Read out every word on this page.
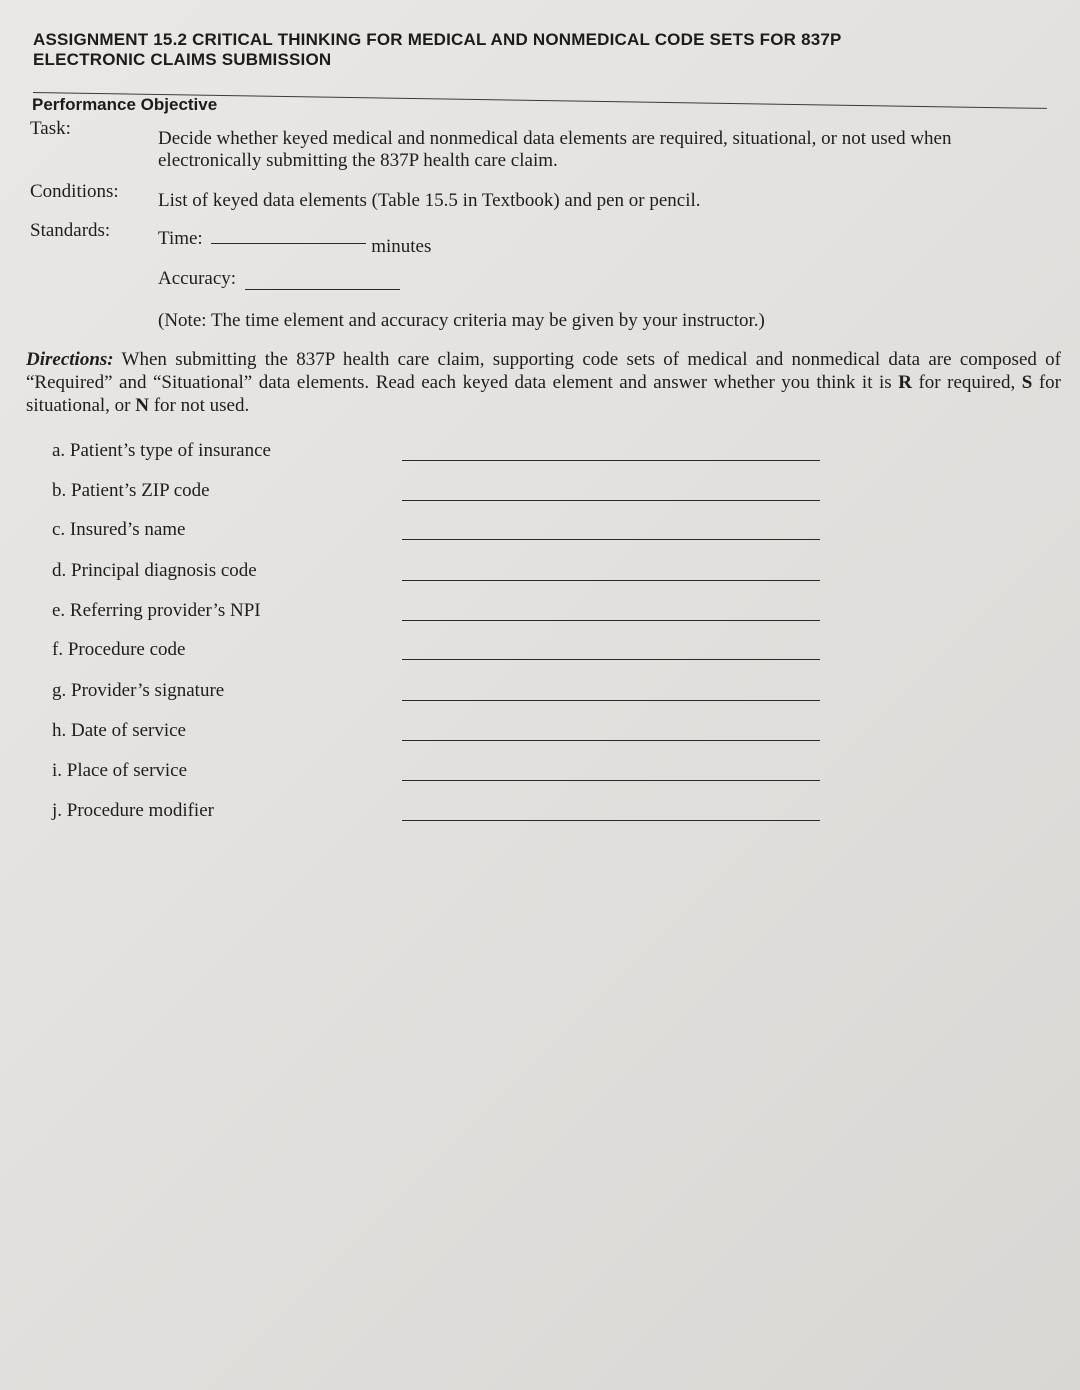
ASSIGNMENT 15.2 CRITICAL THINKING FOR MEDICAL AND NONMEDICAL CODE SETS FOR 837P
ELECTRONIC CLAIMS SUBMISSION
Performance Objective
Task:	Decide whether keyed medical and nonmedical data elements are required, situational, or not used when electronically submitting the 837P health care claim.
Conditions: List of keyed data elements (Table 15.5 in Textbook) and pen or pencil.
Standards:	Time:	minutes
Accuracy:
(Note: The time element and accuracy criteria may be given by your instructor.)
Directions: When submitting the 837P health care claim, supporting code sets of medical and nonmedical data are composed of “Required” and “Situational” data elements. Read each keyed data element and answer whether you think it is R for required, S for situational, or N for not used.
a. Patient’s type of insurance
b. Patient’s ZIP code
c. Insured’s name
d. Principal diagnosis code
e. Referring provider’s NPI
f. Procedure code
g. Provider’s signature
h. Date of service
i. Place of service
j. Procedure modifier
